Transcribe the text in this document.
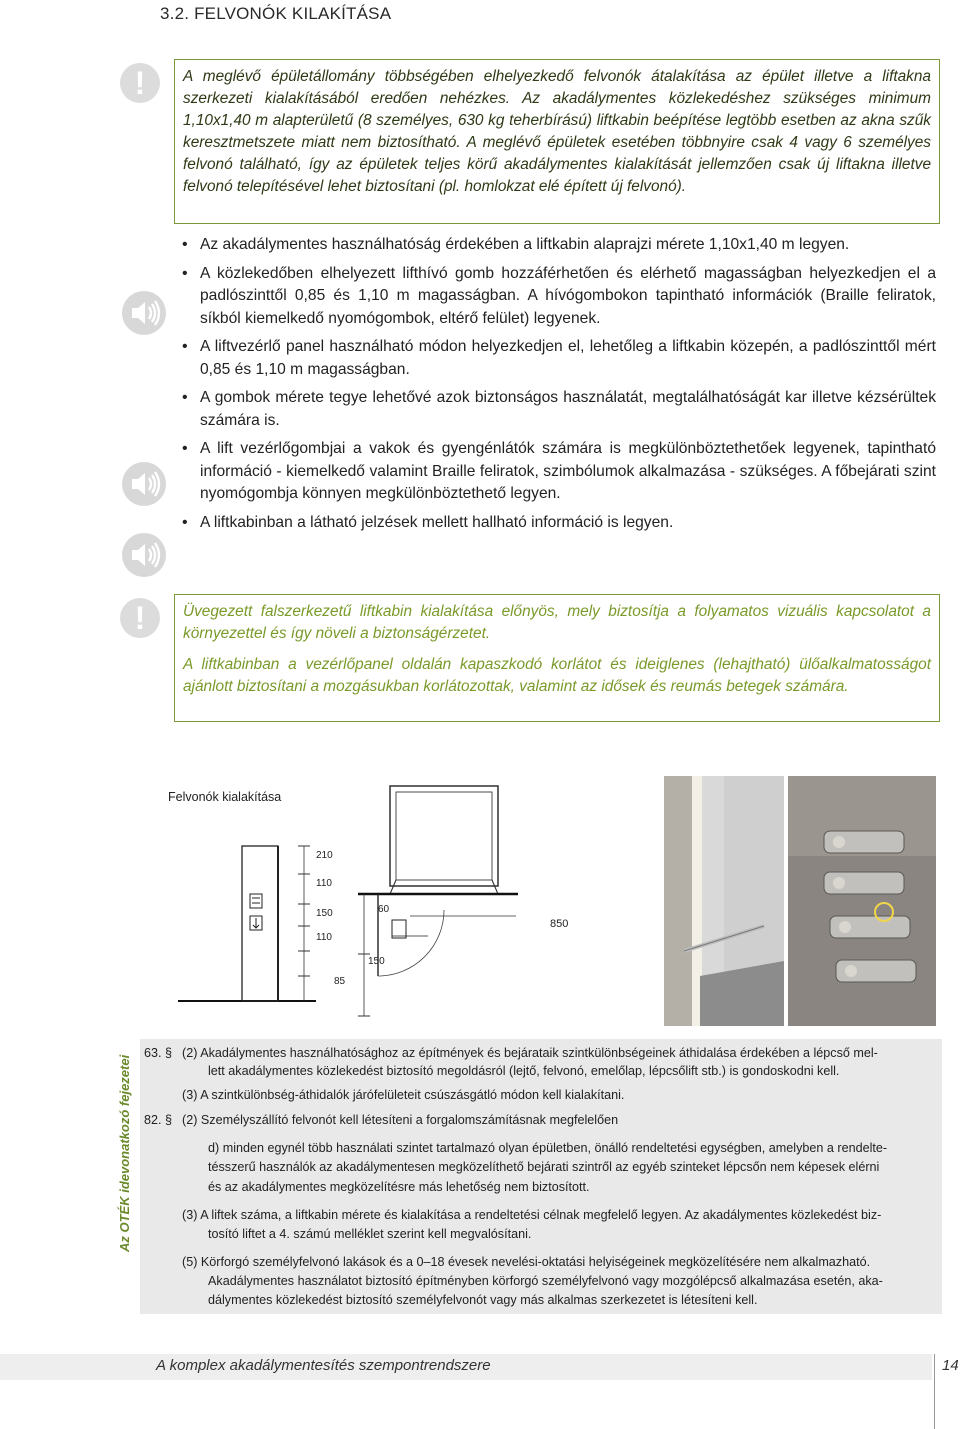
3.2. FELVONÓK KILAKÍTÁSA
!	A meglévő épületállomány többségében elhelyezkedő felvonók átalakítása az épület illetve a liftakna szerkezeti kialakításából eredően nehézkes. Az akadálymentes közlekedéshez szükséges minimum 1,10x1,40 m alapterületű (8 személyes, 630 kg teherbírású) liftkabin beépítése legtöbb esetben az akna szűk keresztmetszete miatt nem biztosítható. A meglévő épületek esetében többnyire csak 4 vagy 6 személyes felvonó található, így az épületek teljes körű akadálymentes kialakítását jellemzően csak új liftakna illetve felvonó telepítésével lehet biztosítani (pl. homlokzat elé épített új felvonó).

• Az akadálymentes használhatóság érdekében a liftkabin alaprajzi mérete 1,10x1,40 m legyen.
• A közlekedőben elhelyezett lifthívó gomb hozzáférhetően és elérhető magasságban helyezkedjen el a padlószinttől 0,85 és 1,10 m magasságban. A hívógombokon tapintható információk (Braille feliratok, síkból kiemelkedő nyomógombok, eltérő felület) legyenek.
• A liftvezérlő panel használható módon helyezkedjen el, lehetőleg a liftkabin közepén, a padlószinttől mért 0,85 és 1,10 m magasságban.
• A gombok mérete tegye lehetővé azok biztonságos használatát, megtalálhatóságát kar illetve kézsérültek számára is.
• A lift vezérlőgombjai a vakok és gyengénlátók számára is megkülönböztethetőek legyenek, tapintható információ - kiemelkedő valamint Braille feliratok, szimbólumok alkalmazása - szükséges. A főbejárati szint nyomógombja könnyen megkülönböztethető legyen.
• A liftkabinban a látható jelzések mellett hallható információ is legyen.
!	Üvegezett falszerkezetű liftkabin kialakítása előnyös, mely biztosítja a folyamatos vizuális kapcsolatot a környezettel és így növeli a biztonságérzetet.

A liftkabinban a vezérlőpanel oldalán kapaszkodó korlátot és ideiglenes (lehajtható) ülőalkalmatosságot ajánlott biztosítani a mozgásukban korlátozottak, valamint az idősek és reumás betegek számára.

Felvonók kialakítása
210
110
150
110
60
85
150
850
Az OTÉK idevonatkozó fejezetei
63. § (2) Akadálymentes használhatósághoz az építmények és bejárataik szintkülönbségeinek áthidalása érdekében a lépcső mel-
lett akadálymentes közlekedést biztosító megoldásról (lejtő, felvonó, emelőlap, lépcsőlift stb.) is gondoskodni kell.
(3) A szintkülönbség-áthidalók járófelületeit csúszásgátló módon kell kialakítani.
82. § (2) Személyszállító felvonót kell létesíteni a forgalomszámításnak megfelelően
d) minden egynél több használati szintet tartalmazó olyan épületben, önálló rendeltetési egységben, amelyben a rendelte-
tésszerű használók az akadálymentesen megközelíthető bejárati szintről az egyéb szinteket lépcsőn nem képesek elérni
és az akadálymentes megközelítésre más lehetőség nem biztosított.
(3) A liftek száma, a liftkabin mérete és kialakítása a rendeltetési célnak megfelelő legyen. Az akadálymentes közlekedést biz-
tosító liftet a 4. számú melléklet szerint kell megvalósítani.
(5) Körforgó személyfelvonó lakások és a 0–18 évesek nevelési-oktatási helyiségeinek megközelítésére nem alkalmazható.
Akadálymentes használatot biztosító építményben körforgó személyfelvonó vagy mozgólépcső alkalmazása esetén, aka-
dálymentes közlekedést biztosító személyfelvonót vagy más alkalmas szerkezetet is létesíteni kell.
A komplex akadálymentesítés szempontrendszere	14
